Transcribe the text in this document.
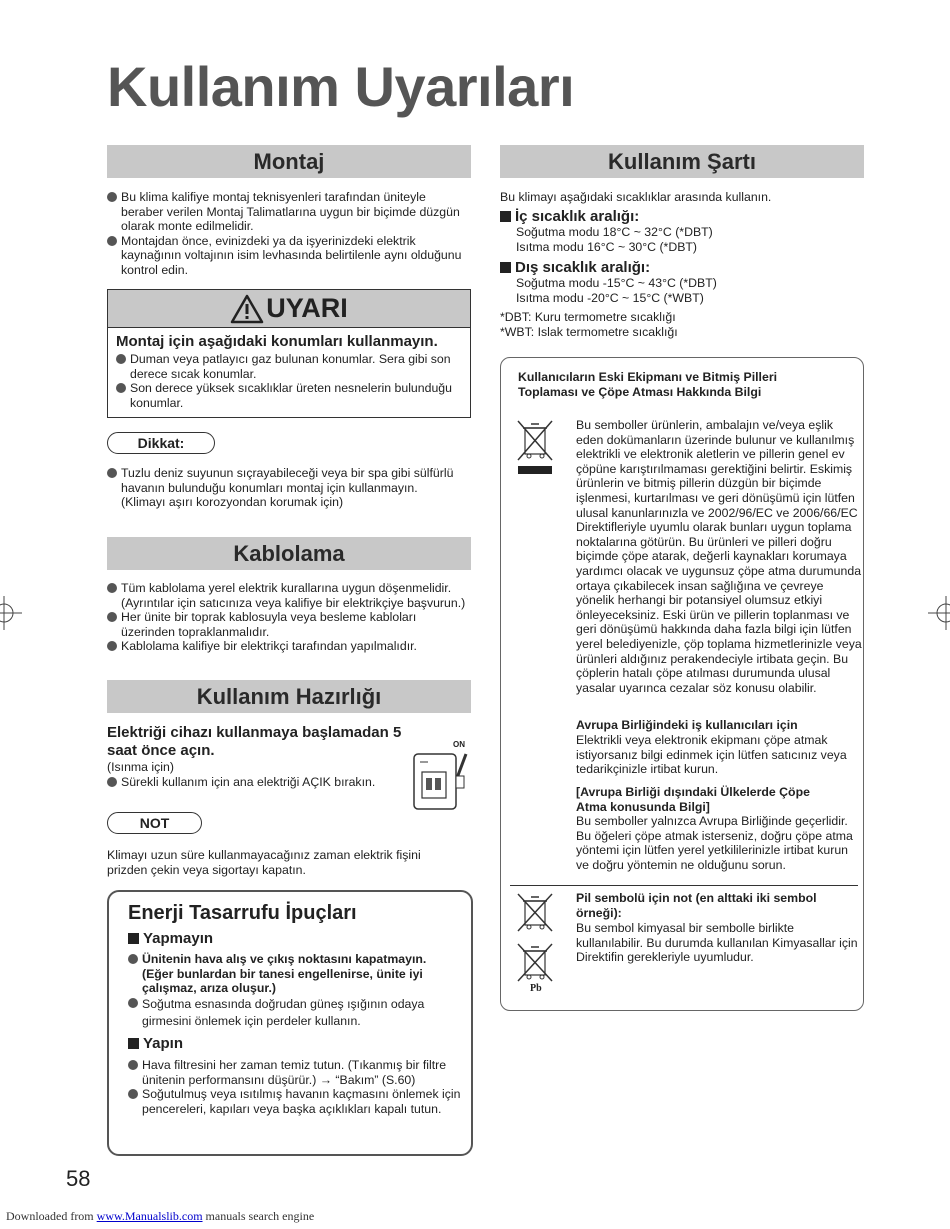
Kullanım Uyarıları
Montaj
Bu klima kalifiye montaj teknisyenleri tarafından üniteyle beraber verilen Montaj Talimatlarına uygun bir biçimde düzgün olarak monte edilmelidir.
Montajdan önce, evinizdeki ya da işyerinizdeki elektrik kaynağının voltajının isim levhasında belirtilenle aynı olduğunu kontrol edin.
UYARI
Montaj için aşağıdaki konumları kullanmayın.
Duman veya patlayıcı gaz bulunan konumlar. Sera gibi son derece sıcak konumlar.
Son derece yüksek sıcaklıklar üreten nesnelerin bulunduğu konumlar.
Dikkat:
Tuzlu deniz suyunun sıçrayabileceği veya bir spa gibi sülfürlü havanın bulunduğu konumları montaj için kullanmayın. (Klimayı aşırı korozyondan korumak için)
Kablolama
Tüm kablolama yerel elektrik kurallarına uygun döşenmelidir. (Ayrıntılar için satıcınıza veya kalifiye bir elektrikçiye başvurun.)
Her ünite bir toprak kablosuyla veya besleme kabloları üzerinden topraklanmalıdır.
Kablolama kalifiye bir elektrikçi tarafından yapılmalıdır.
Kullanım Hazırlığı
Elektriği cihazı kullanmaya başlamadan 5 saat önce açın.
(Isınma için)
Sürekli kullanım için ana elektriği AÇIK bırakın.
ON
NOT
Klimayı uzun süre kullanmayacağınız zaman elektrik fişini prizden çekin veya sigortayı kapatın.
Enerji Tasarrufu İpuçları
Yapmayın
Ünitenin hava alış ve çıkış noktasını kapatmayın. (Eğer bunlardan bir tanesi engellenirse, ünite iyi çalışmaz, arıza oluşur.)
Soğutma esnasında doğrudan güneş ışığının odaya girmesini önlemek için perdeler kullanın.
Yapın
Hava filtresini her zaman temiz tutun. (Tıkanmış bir filtre ünitenin performansını düşürür.) → “Bakım” (S.60)
Soğutulmuş veya ısıtılmış havanın kaçmasını önlemek için pencereleri, kapıları veya başka açıklıkları kapalı tutun.
Kullanım Şartı
Bu klimayı aşağıdaki sıcaklıklar arasında kullanın.
İç sıcaklık aralığı:
Soğutma modu 18°C ~ 32°C (*DBT)
Isıtma modu 16°C ~ 30°C (*DBT)
Dış sıcaklık aralığı:
Soğutma modu -15°C ~ 43°C (*DBT)
Isıtma modu -20°C ~ 15°C (*WBT)
*DBT: Kuru termometre sıcaklığı
*WBT: Islak termometre sıcaklığı
Kullanıcıların Eski Ekipmanı ve Bitmiş Pilleri Toplaması ve Çöpe Atması Hakkında Bilgi
Bu semboller ürünlerin, ambalajın ve/veya eşlik eden dokümanların üzerinde bulunur ve kullanılmış elektrikli ve elektronik aletlerin ve pillerin genel ev çöpüne karıştırılmaması gerektiğini belirtir. Eskimiş ürünlerin ve bitmiş pillerin düzgün bir biçimde işlenmesi, kurtarılması ve geri dönüşümü için lütfen ulusal kanunlarınızla ve 2002/96/EC ve 2006/66/EC Direktifleriyle uyumlu olarak bunları uygun toplama noktalarına götürün. Bu ürünleri ve pilleri doğru biçimde çöpe atarak, değerli kaynakları korumaya yardımcı olacak ve uygunsuz çöpe atma durumunda ortaya çıkabilecek insan sağlığına ve çevreye yönelik herhangi bir potansiyel olumsuz etkiyi önleyeceksiniz. Eski ürün ve pillerin toplanması ve geri dönüşümü hakkında daha fazla bilgi için lütfen yerel belediyenizle, çöp toplama hizmetlerinizle veya ürünleri aldığınız perakendeciyle irtibata geçin. Bu çöplerin hatalı çöpe atılması durumunda ulusal yasalar uyarınca cezalar söz konusu olabilir.
Avrupa Birliğindeki iş kullanıcıları için
Elektrikli veya elektronik ekipmanı çöpe atmak istiyorsanız bilgi edinmek için lütfen satıcınız veya tedarikçinizle irtibat kurun.
[Avrupa Birliği dışındaki Ülkelerde Çöpe Atma konusunda Bilgi]
Bu semboller yalnızca Avrupa Birliğinde geçerlidir. Bu öğeleri çöpe atmak isterseniz, doğru çöpe atma yöntemi için lütfen yerel yetkililerinizle irtibat kurun ve doğru yöntemin ne olduğunu sorun.
Pb
Pil sembolü için not (en alttaki iki sembol örneği):
Bu sembol kimyasal bir sembolle birlikte kullanılabilir. Bu durumda kullanılan Kimyasallar için Direktifin gerekleriyle uyumludur.
58
Downloaded from www.Manualslib.com manuals search engine
